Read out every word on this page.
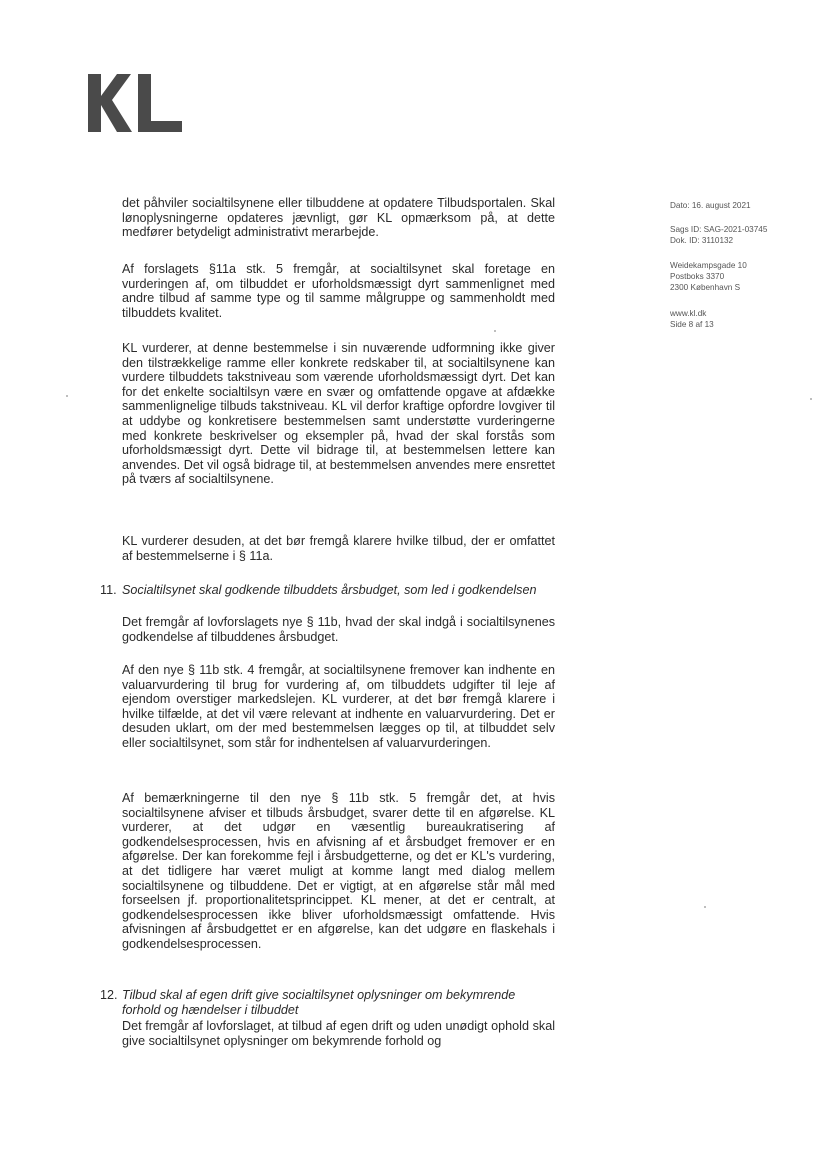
Dato: 16. august 2021
Sags ID: SAG-2021-03745
Dok. ID: 3110132
Weidekampsgade 10
Postboks 3370
2300 København S
www.kl.dk
Side 8 af 13

det påhviler socialtilsynene eller tilbuddene at opdatere Tilbudsportalen. Skal lønoplysningerne opdateres jævnligt, gør KL opmærksom på, at dette medfører betydeligt administrativt merarbejde.

Af forslagets §11a stk. 5 fremgår, at socialtilsynet skal foretage en vurderingen af, om tilbuddet er uforholdsmæssigt dyrt sammenlignet med andre tilbud af samme type og til samme målgruppe og sammenholdt med tilbuddets kvalitet.

KL vurderer, at denne bestemmelse i sin nuværende udformning ikke giver den tilstrækkelige ramme eller konkrete redskaber til, at socialtilsynene kan vurdere tilbuddets takstniveau som værende uforholdsmæssigt dyrt. Det kan for det enkelte socialtilsyn være en svær og omfattende opgave at afdække sammenlignelige tilbuds takstniveau. KL vil derfor kraftige opfordre lovgiver til at uddybe og konkretisere bestemmelsen samt understøtte vurderingerne med konkrete beskrivelser og eksempler på, hvad der skal forstås som uforholdsmæssigt dyrt. Dette vil bidrage til, at bestemmelsen lettere kan anvendes. Det vil også bidrage til, at bestemmelsen anvendes mere ensrettet på tværs af socialtilsynene.

KL vurderer desuden, at det bør fremgå klarere hvilke tilbud, der er omfattet af bestemmelserne i § 11a.

11. Socialtilsynet skal godkende tilbuddets årsbudget, som led i godkendelsen

Det fremgår af lovforslagets nye § 11b, hvad der skal indgå i socialtilsynenes godkendelse af tilbuddenes årsbudget.

Af den nye § 11b stk. 4 fremgår, at socialtilsynene fremover kan indhente en valuarvurdering til brug for vurdering af, om tilbuddets udgifter til leje af ejendom overstiger markedslejen. KL vurderer, at det bør fremgå klarere i hvilke tilfælde, at det vil være relevant at indhente en valuarvurdering. Det er desuden uklart, om der med bestemmelsen lægges op til, at tilbuddet selv eller socialtilsynet, som står for indhentelsen af valuarvurderingen.

Af bemærkningerne til den nye § 11b stk. 5 fremgår det, at hvis socialtilsynene afviser et tilbuds årsbudget, svarer dette til en afgørelse. KL vurderer, at det udgør en væsentlig bureaukratisering af godkendelsesprocessen, hvis en afvisning af et årsbudget fremover er en afgørelse. Der kan forekomme fejl i årsbudgetterne, og det er KL's vurdering, at det tidligere har været muligt at komme langt med dialog mellem socialtilsynene og tilbuddene. Det er vigtigt, at en afgørelse står mål med forseelsen jf. proportionalitetsprincippet. KL mener, at det er centralt, at godkendelsesprocessen ikke bliver uforholdsmæssigt omfattende. Hvis afvisningen af årsbudgettet er en afgørelse, kan det udgøre en flaskehals i godkendelsesprocessen.

12. Tilbud skal af egen drift give socialtilsynet oplysninger om bekymrende forhold og hændelser i tilbuddet

Det fremgår af lovforslaget, at tilbud af egen drift og uden unødigt ophold skal give socialtilsynet oplysninger om bekymrende forhold og
